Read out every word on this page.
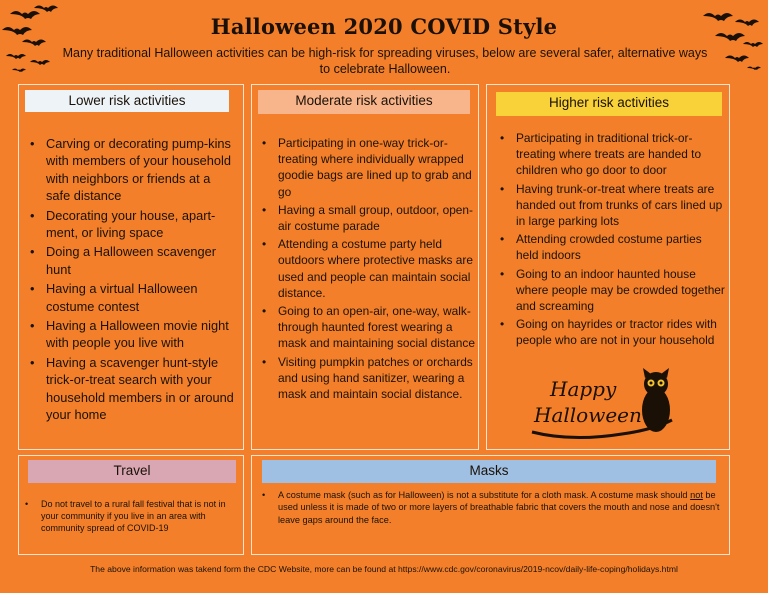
Halloween 2020 COVID Style
Many traditional Halloween activities can be high-risk for spreading viruses, below are several safer, alternative ways to celebrate Halloween.
Lower risk activities
• Carving or decorating pump-kins with members of your household with neighbors or friends at a safe distance
• Decorating your house, apart-ment, or living space
• Doing a Halloween scavenger hunt
• Having a virtual Halloween costume contest
• Having a Halloween movie night with people you live with
• Having a scavenger hunt-style trick-or-treat search with your household members in or around your home
Moderate risk activities
• Participating in one-way trick-or-treating where individually wrapped goodie bags are lined up to grab and go
• Having a small group, outdoor, open-air costume parade
• Attending a costume party held outdoors where protective masks are used and people can maintain social distance.
• Going to an open-air, one-way, walk-through haunted forest wearing a mask and maintaining social distance
• Visiting pumpkin patches or orchards and using hand sanitizer, wearing a mask and maintain social distance.
Higher risk activities
• Participating in traditional trick-or-treating where treats are handed to children who go door to door
• Having trunk-or-treat where treats are handed out from trunks of cars lined up in large parking lots
• Attending crowded costume parties held indoors
• Going to an indoor haunted house where people may be crowded together and screaming
• Going on hayrides or tractor rides with people who are not in your household
Happy
Halloween
Travel
• Do not travel to a rural fall festival that is not in your community if you live in an area with community spread of COVID-19
Masks
• A costume mask (such as for Halloween) is not a substitute for a cloth mask. A costume mask should not be used unless it is made of two or more layers of breathable fabric that covers the mouth and nose and doesn't leave gaps around the face.
The above information was takend form the CDC Website, more can be found at https://www.cdc.gov/coronavirus/2019-ncov/daily-life-coping/holidays.html
